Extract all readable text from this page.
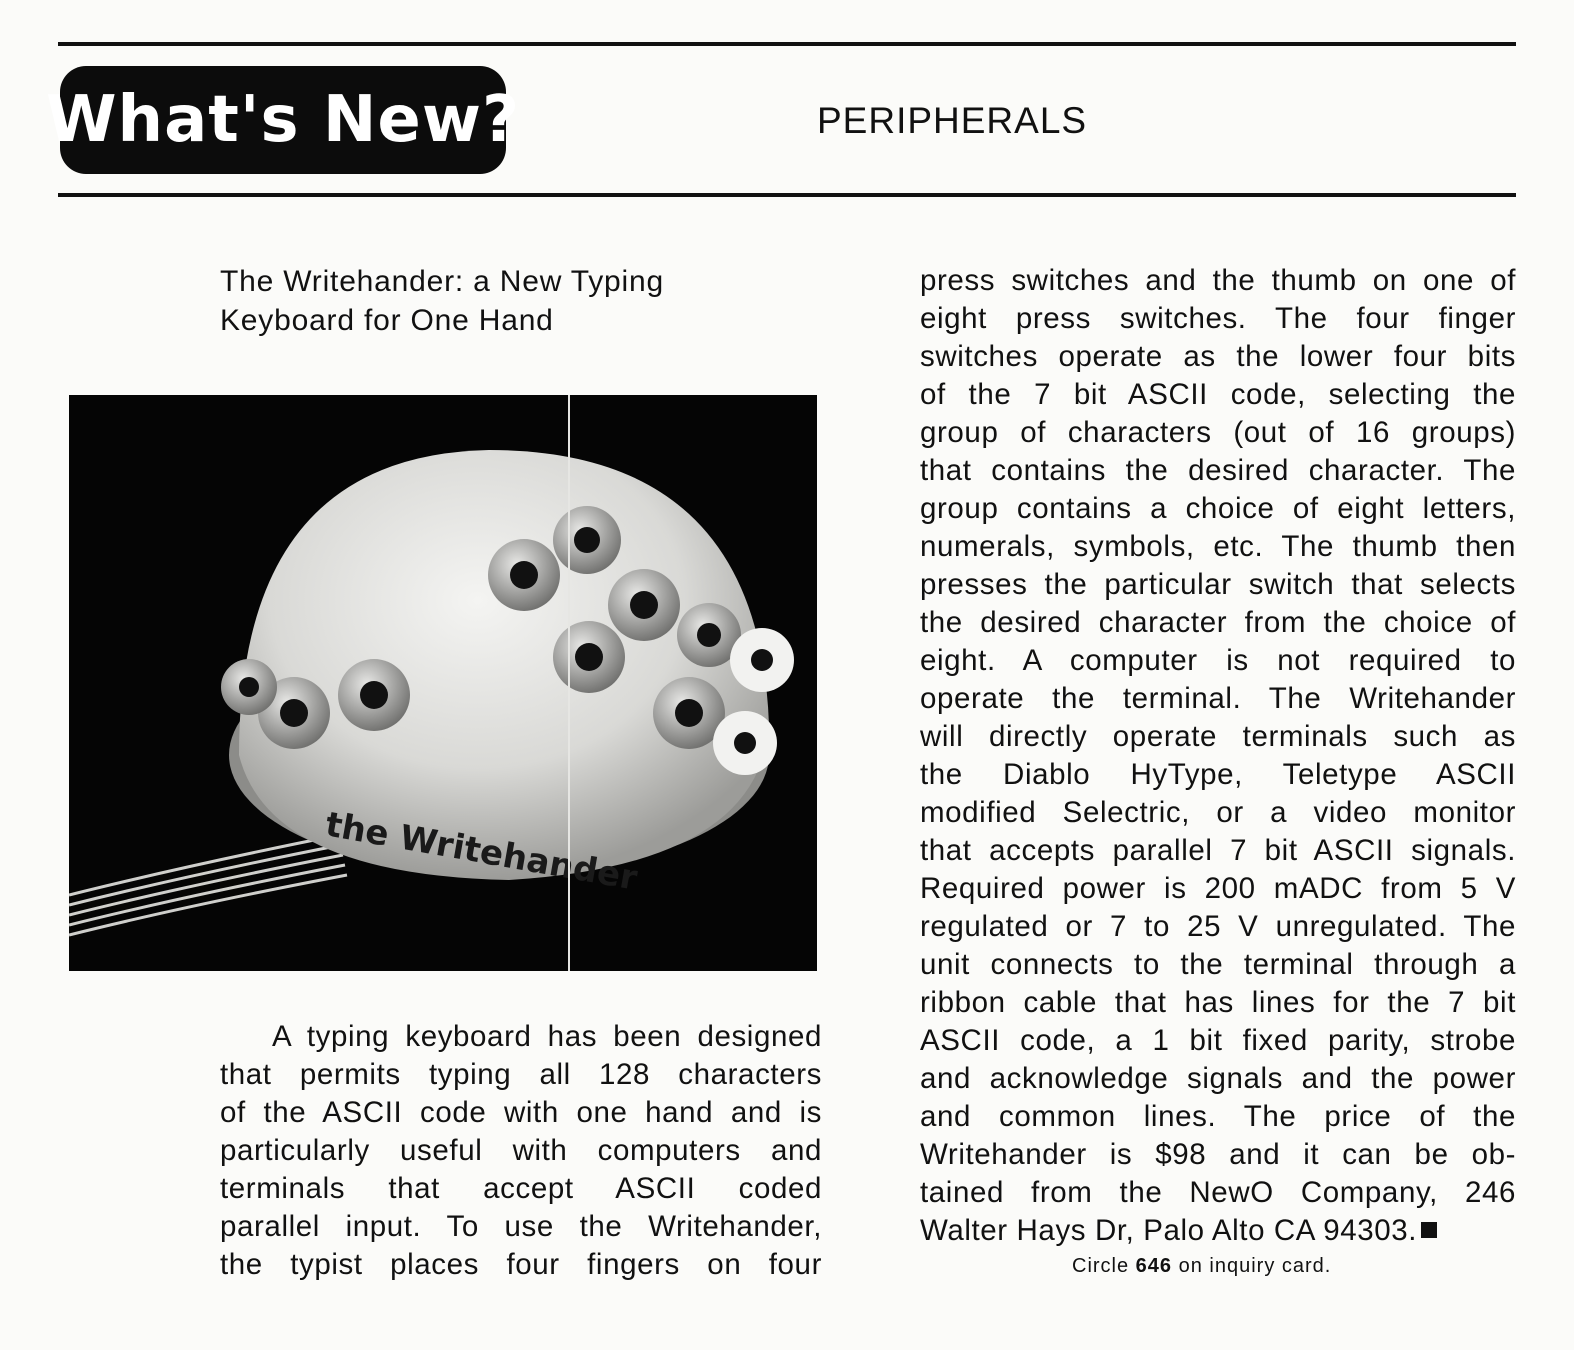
What's New?	PERIPHERALS
The Writehander: a New Typing
Keyboard for One Hand
the Writehander
A typing keyboard has been designed
that permits typing all 128 characters
of the ASCII code with one hand and is
particularly useful with computers and
terminals that accept ASCII coded
parallel input. To use the Writehander,
the typist places four fingers on four
press switches and the thumb on one of
eight press switches. The four finger
switches operate as the lower four bits
of the 7 bit ASCII code, selecting the
group of characters (out of 16 groups)
that contains the desired character. The
group contains a choice of eight letters,
numerals, symbols, etc. The thumb then
presses the particular switch that selects
the desired character from the choice of
eight. A computer is not required to
operate the terminal. The Writehander
will directly operate terminals such as
the Diablo HyType, Teletype ASCII
modified Selectric, or a video monitor
that accepts parallel 7 bit ASCII signals.
Required power is 200 mADC from 5 V
regulated or 7 to 25 V unregulated. The
unit connects to the terminal through a
ribbon cable that has lines for the 7 bit
ASCII code, a 1 bit fixed parity, strobe
and acknowledge signals and the power
and common lines. The price of the
Writehander is $98 and it can be ob-
tained from the NewO Company, 246
Walter Hays Dr, Palo Alto CA 94303.
Circle 646 on inquiry card.
